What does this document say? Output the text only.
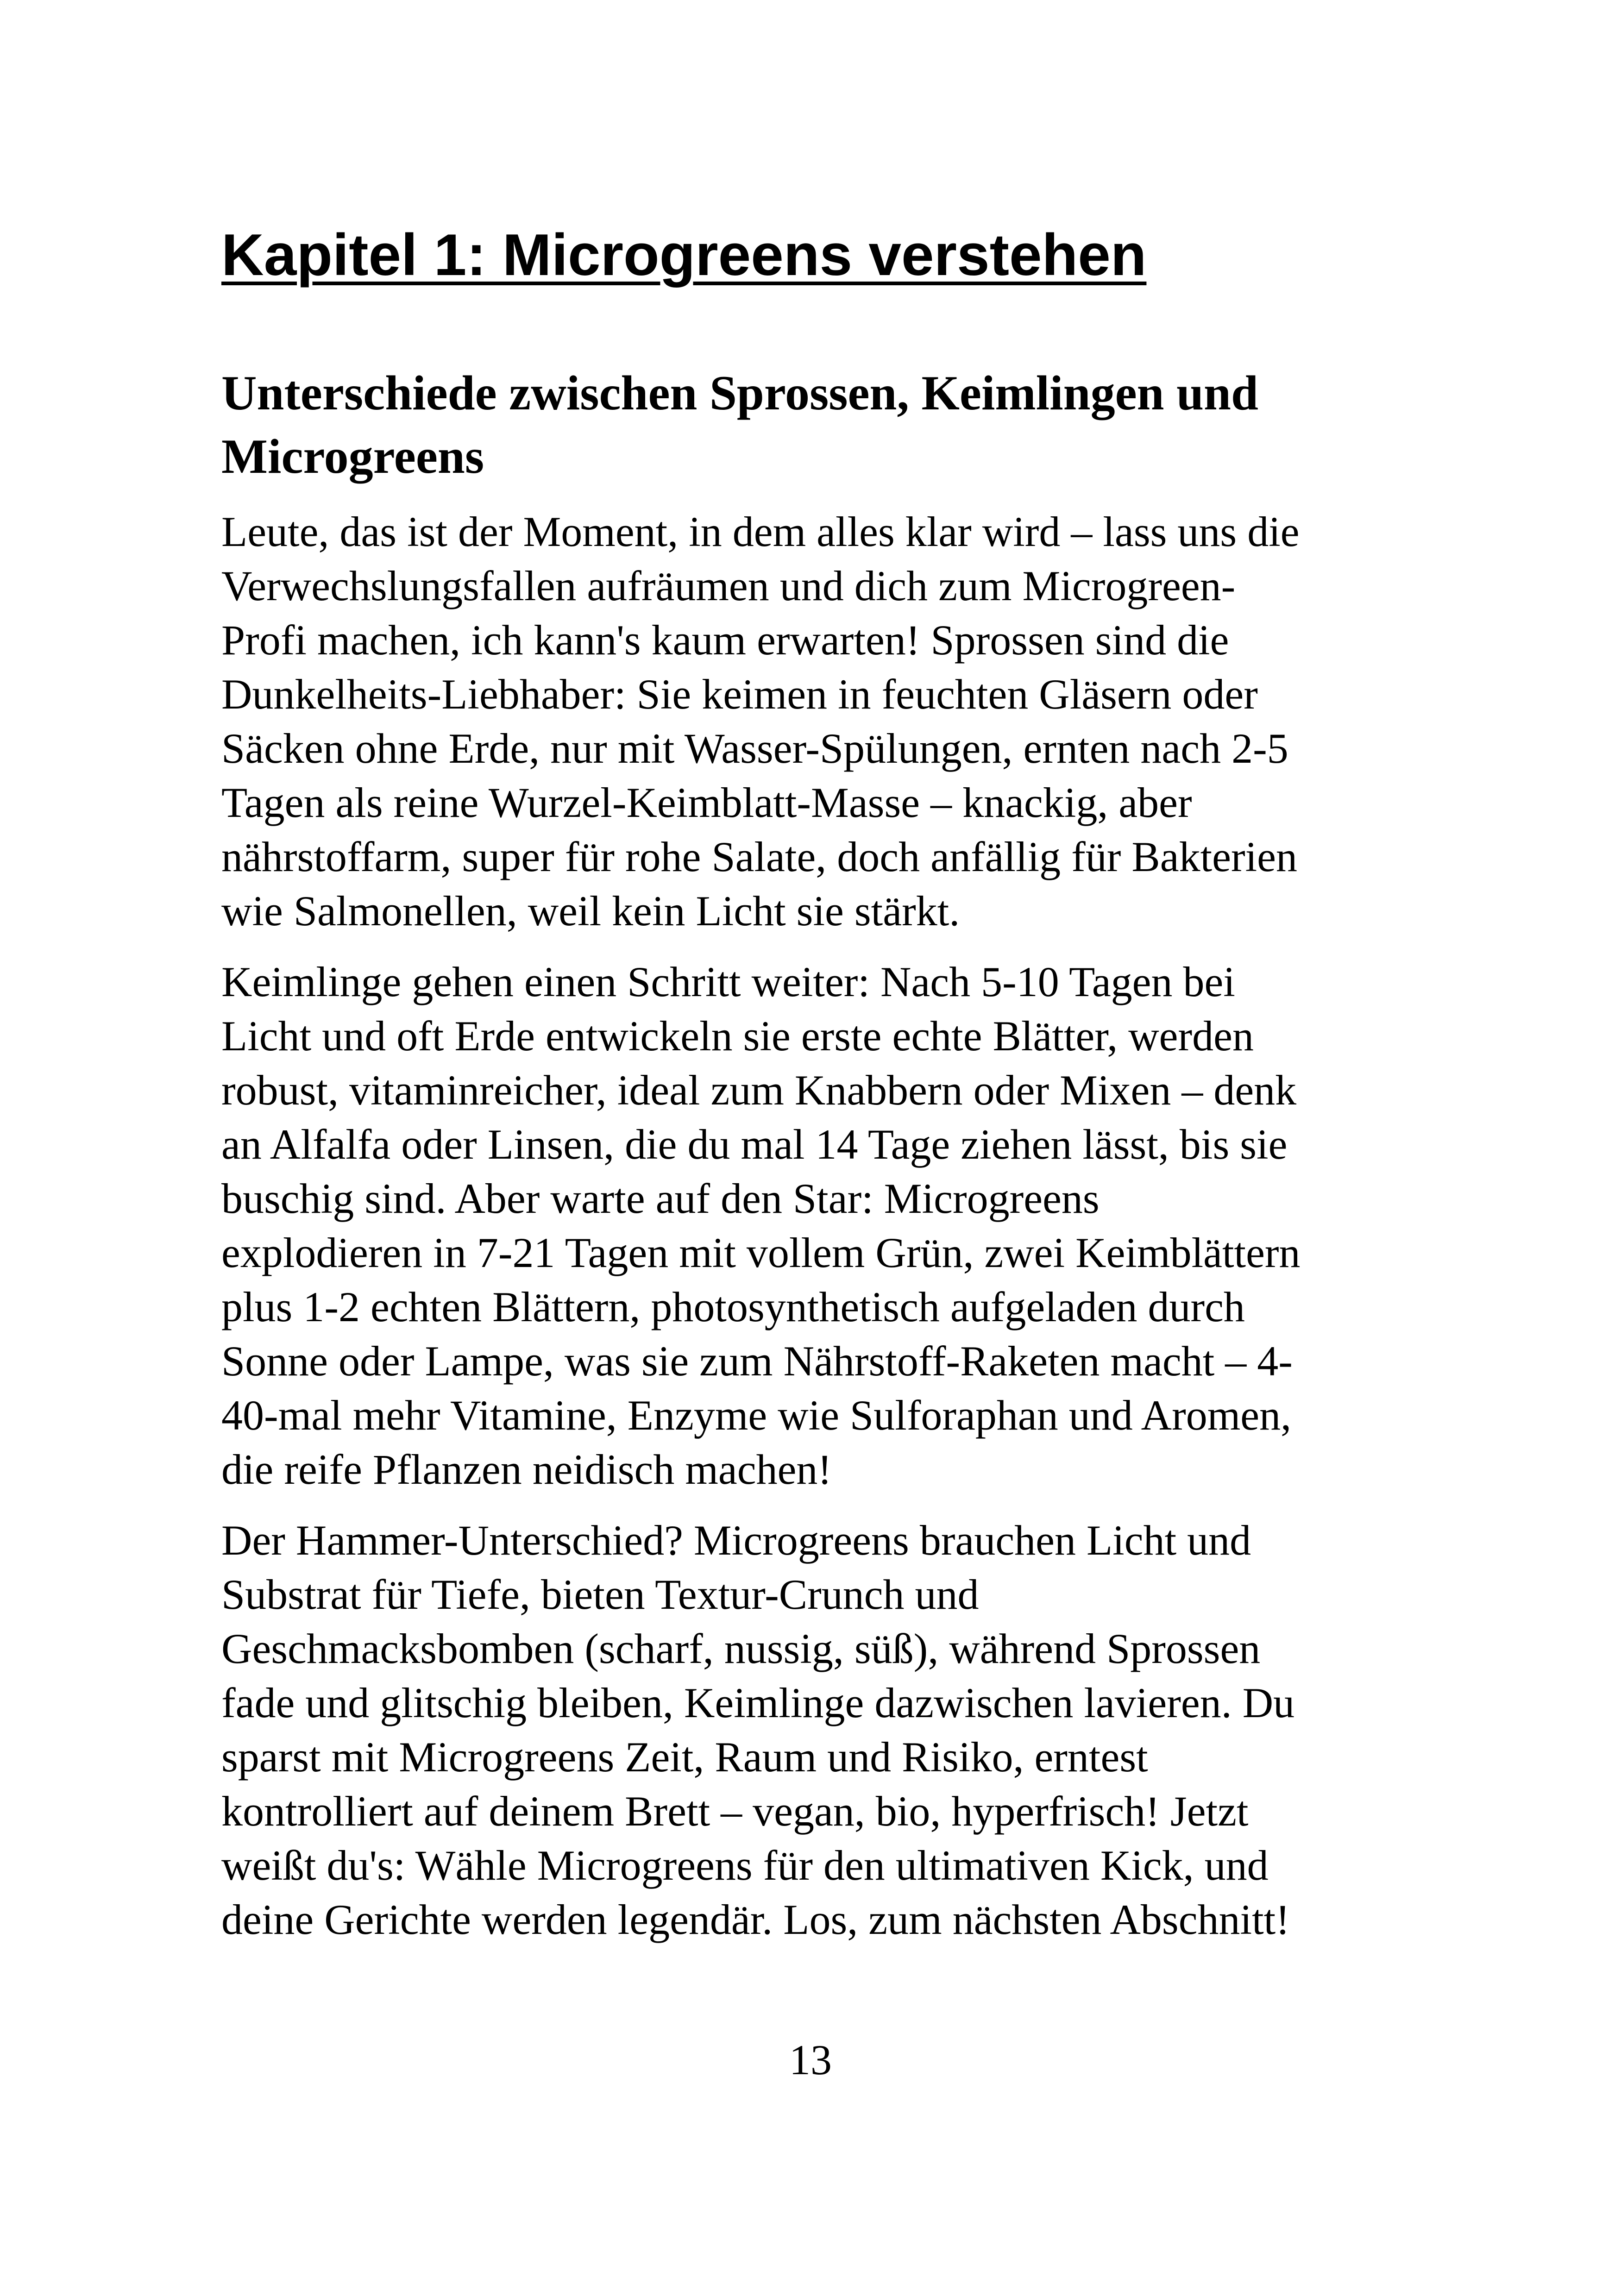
Kapitel 1: Microgreens verstehen
Unterschiede zwischen Sprossen, Keimlingen und
Microgreens

Leute, das ist der Moment, in dem alles klar wird – lass uns die
Verwechslungsfallen aufräumen und dich zum Microgreen-
Profi machen, ich kann's kaum erwarten! Sprossen sind die
Dunkelheits-Liebhaber: Sie keimen in feuchten Gläsern oder
Säcken ohne Erde, nur mit Wasser-Spülungen, ernten nach 2-5
Tagen als reine Wurzel-Keimblatt-Masse – knackig, aber
nährstoffarm, super für rohe Salate, doch anfällig für Bakterien
wie Salmonellen, weil kein Licht sie stärkt.

Keimlinge gehen einen Schritt weiter: Nach 5-10 Tagen bei
Licht und oft Erde entwickeln sie erste echte Blätter, werden
robust, vitaminreicher, ideal zum Knabbern oder Mixen – denk
an Alfalfa oder Linsen, die du mal 14 Tage ziehen lässt, bis sie
buschig sind. Aber warte auf den Star: Microgreens
explodieren in 7-21 Tagen mit vollem Grün, zwei Keimblättern
plus 1-2 echten Blättern, photosynthetisch aufgeladen durch
Sonne oder Lampe, was sie zum Nährstoff-Raketen macht – 4-
40-mal mehr Vitamine, Enzyme wie Sulforaphan und Aromen,
die reife Pflanzen neidisch machen!

Der Hammer-Unterschied? Microgreens brauchen Licht und
Substrat für Tiefe, bieten Textur-Crunch und
Geschmacksbomben (scharf, nussig, süß), während Sprossen
fade und glitschig bleiben, Keimlinge dazwischen lavieren. Du
sparst mit Microgreens Zeit, Raum und Risiko, erntest
kontrolliert auf deinem Brett – vegan, bio, hyperfrisch! Jetzt
weißt du's: Wähle Microgreens für den ultimativen Kick, und
deine Gerichte werden legendär. Los, zum nächsten Abschnitt!

13
